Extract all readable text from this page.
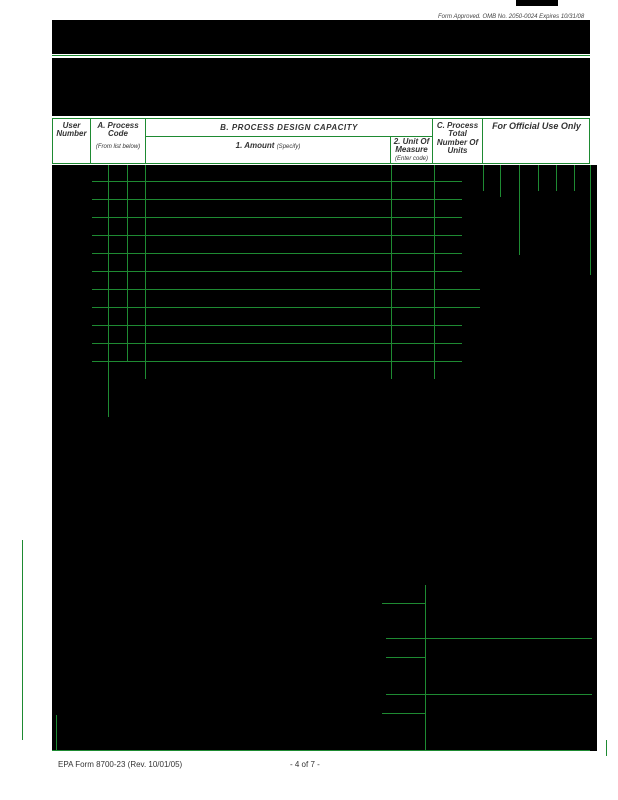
Form Approved. OMB No. 2050-0024 Expires 10/31/08
User Number
A. Process Code
(From list below)
B. PROCESS DESIGN CAPACITY
1. Amount (Specify)
2. Unit Of Measure
(Enter code)
C. Process Total Number Of Units
For Official Use Only
EPA Form 8700-23 (Rev. 10/01/05)	- 4 of 7 -
